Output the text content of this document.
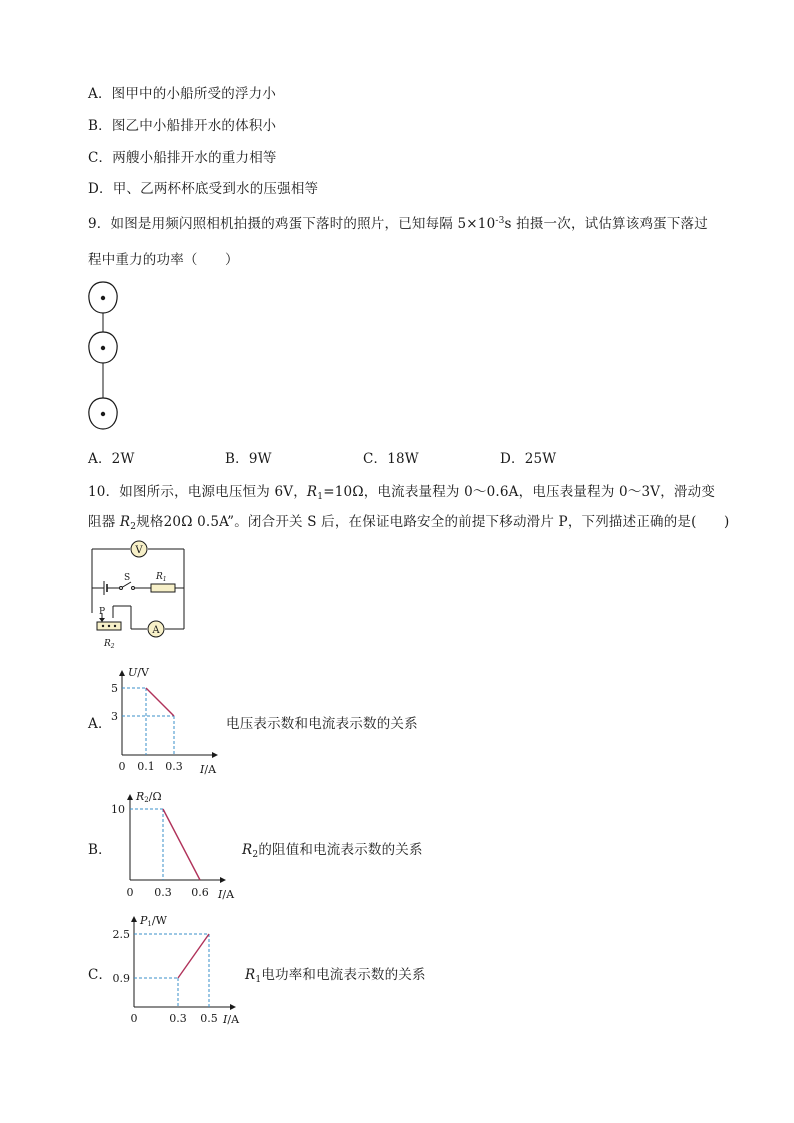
A．图甲中的小船所受的浮力小
B．图乙中小船排开水的体积小
C．两艘小船排开水的重力相等
D．甲、乙两杯杯底受到水的压强相等
9．如图是用频闪照相机拍摄的鸡蛋下落时的照片，已知每隔 $5\times 10^{-3}s$ 拍摄一次，试估算该鸡蛋下落过
程中重力的功率（　　）
A．2W	B．9W	C．18W	D．25W
10．如图所示，电源电压恒为 6V，$R_1=10\Omega$，电流表量程为 0～0.6A，电压表量程为 0～3V，滑动变
阻器 $R_2$规格20Ω 0.5A”。闭合开关 S 后，在保证电路安全的前提下移动滑片 P，下列描述正确的是(　　)
V
S	$R_1$
P
$R_2$
A
A．
U/V
5
3
0 0.1 0.3 I/A
电压表示数和电流表示数的关系
B．
R2/Ω
10
0 0.3 0.6 I/A
$R_2$的阻值和电流表示数的关系
C．
P1/W
2.5
0.9
0	0.3 0.5 I/A
$R_1$电功率和电流表示数的关系
